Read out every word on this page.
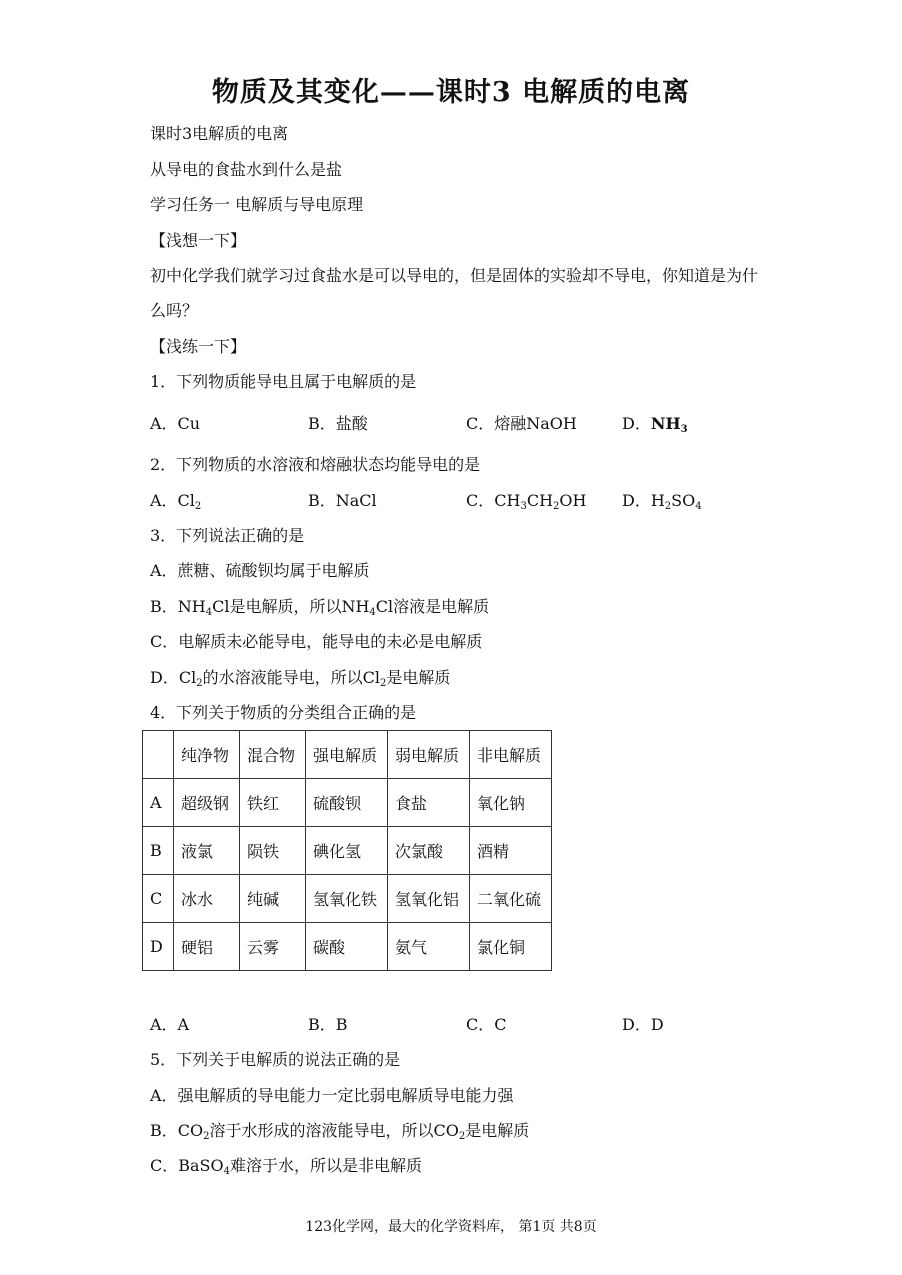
物质及其变化——课时3 电解质的电离
课时3电解质的电离
从导电的食盐水到什么是盐
学习任务一 电解质与导电原理
【浅想一下】
初中化学我们就学习过食盐水是可以导电的，但是固体的实验却不导电，你知道是为什
么吗？
【浅练一下】
1．下列物质能导电且属于电解质的是
A．Cu	B．盐酸	C．熔融NaOH	D．$NH_3$
2．下列物质的水溶液和熔融状态均能导电的是
A．$Cl_2$	B．NaCl	C．$CH_3CH_2OH$ D．$H_2SO_4$
3．下列说法正确的是
A．蔗糖、硫酸钡均属于电解质
B．$NH_4Cl$是电解质，所以$NH_4Cl$溶液是电解质
C．电解质未必能导电，能导电的未必是电解质
D．$Cl_2$的水溶液能导电，所以$Cl_2$是电解质
4．下列关于物质的分类组合正确的是
	纯净物	混合物	强电解质	弱电解质	非电解质
A	超级钢	铁红	硫酸钡	食盐	氧化钠
B	液氯	陨铁	碘化氢	次氯酸	酒精
C	冰水	纯碱	氢氧化铁	氢氧化铝	二氧化硫
D	硬铝	云雾	碳酸	氨气	氯化铜
A．A	B．B	C．C	D．D
5．下列关于电解质的说法正确的是
A．强电解质的导电能力一定比弱电解质导电能力强
B．$CO_2$溶于水形成的溶液能导电，所以$CO_2$是电解质
C．BaSO$_4$难溶于水，所以是非电解质
123化学网，最大的化学资料库， 第1页 共8页
